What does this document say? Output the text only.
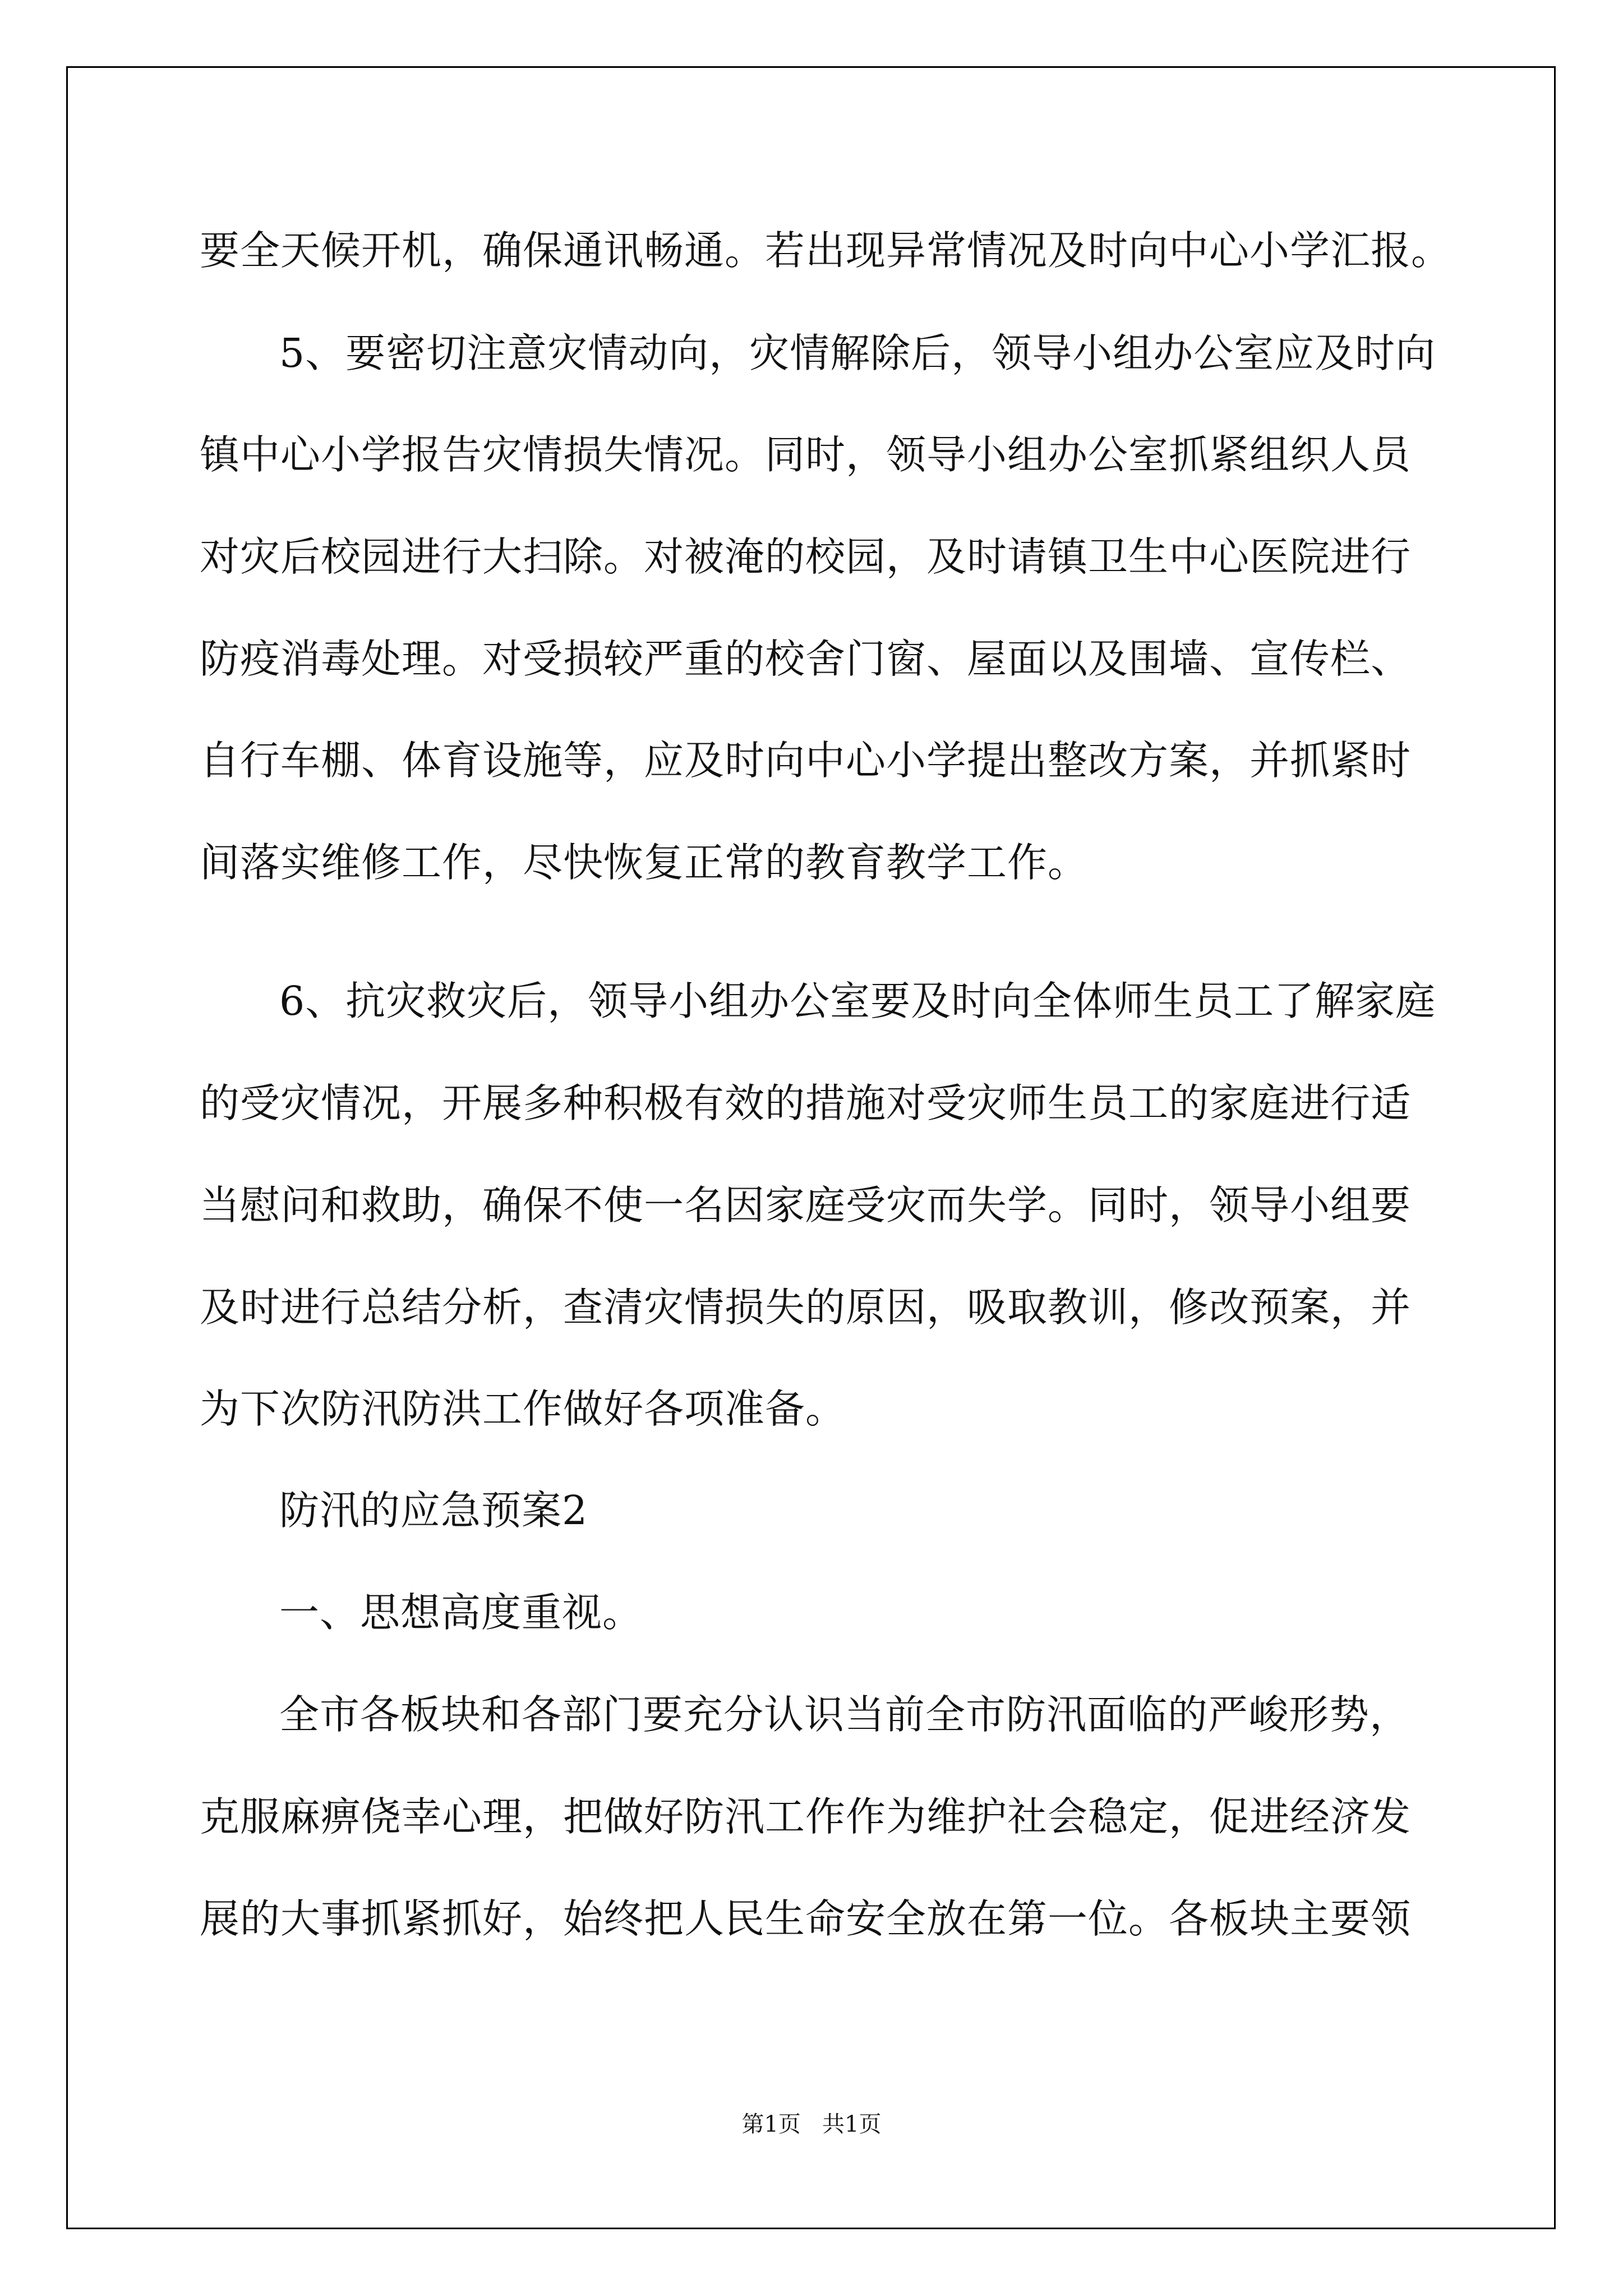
要全天候开机，确保通讯畅通。若出现异常情况及时向中心小学汇报。
5、要密切注意灾情动向，灾情解除后，领导小组办公室应及时向
镇中心小学报告灾情损失情况。同时，领导小组办公室抓紧组织人员
对灾后校园进行大扫除。对被淹的校园，及时请镇卫生中心医院进行
防疫消毒处理。对受损较严重的校舍门窗、屋面以及围墙、宣传栏、
自行车棚、体育设施等，应及时向中心小学提出整改方案，并抓紧时
间落实维修工作，尽快恢复正常的教育教学工作。
6、抗灾救灾后，领导小组办公室要及时向全体师生员工了解家庭
的受灾情况，开展多种积极有效的措施对受灾师生员工的家庭进行适
当慰问和救助，确保不使一名因家庭受灾而失学。同时，领导小组要
及时进行总结分析，查清灾情损失的原因，吸取教训，修改预案，并
为下次防汛防洪工作做好各项准备。
防汛的应急预案2
一、思想高度重视。
全市各板块和各部门要充分认识当前全市防汛面临的严峻形势，
克服麻痹侥幸心理，把做好防汛工作作为维护社会稳定，促进经济发
展的大事抓紧抓好，始终把人民生命安全放在第一位。各板块主要领
第1页   共1页
